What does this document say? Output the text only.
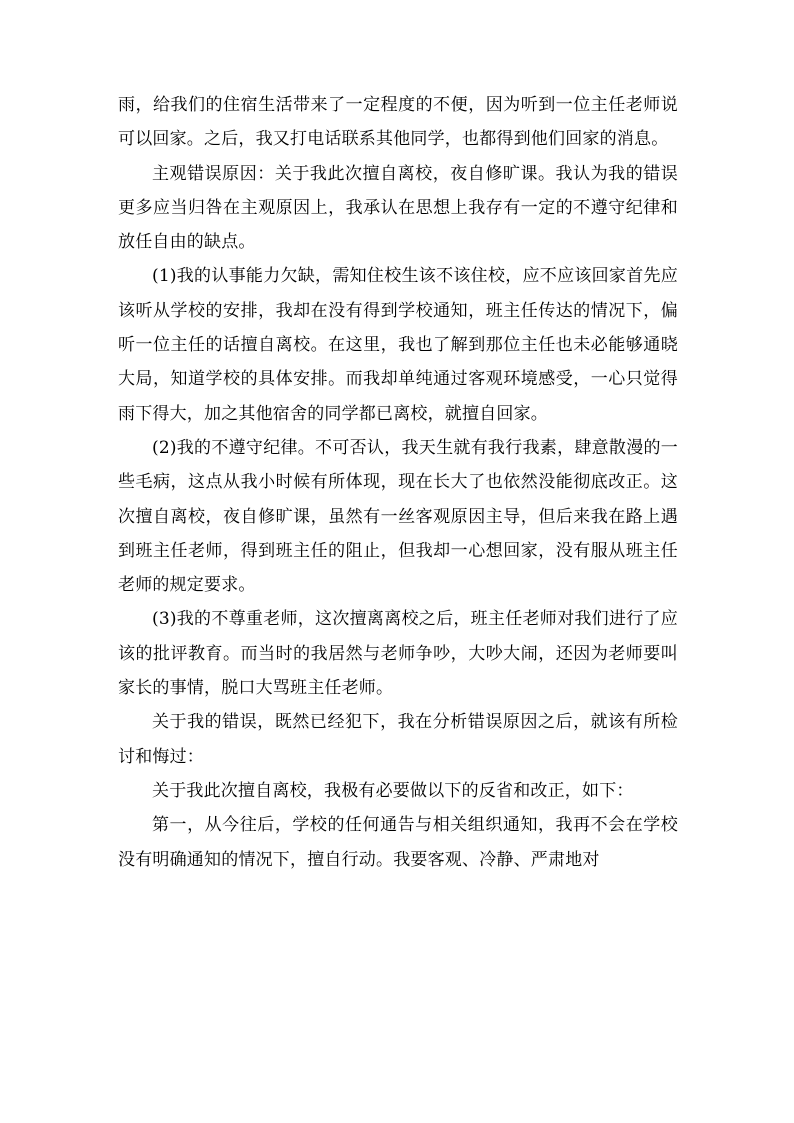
雨，给我们的住宿生活带来了一定程度的不便，因为听到一位主任老师说可以回家。之后，我又打电话联系其他同学，也都得到他们回家的消息。

主观错误原因：关于我此次擅自离校，夜自修旷课。我认为我的错误更多应当归咎在主观原因上，我承认在思想上我存有一定的不遵守纪律和放任自由的缺点。

(1)我的认事能力欠缺，需知住校生该不该住校，应不应该回家首先应该听从学校的安排，我却在没有得到学校通知，班主任传达的情况下，偏听一位主任的话擅自离校。在这里，我也了解到那位主任也未必能够通晓大局，知道学校的具体安排。而我却单纯通过客观环境感受，一心只觉得雨下得大，加之其他宿舍的同学都已离校，就擅自回家。

(2)我的不遵守纪律。不可否认，我天生就有我行我素，肆意散漫的一些毛病，这点从我小时候有所体现，现在长大了也依然没能彻底改正。这次擅自离校，夜自修旷课，虽然有一丝客观原因主导，但后来我在路上遇到班主任老师，得到班主任的阻止，但我却一心想回家，没有服从班主任老师的规定要求。

(3)我的不尊重老师，这次擅离离校之后，班主任老师对我们进行了应该的批评教育。而当时的我居然与老师争吵，大吵大闹，还因为老师要叫家长的事情，脱口大骂班主任老师。

关于我的错误，既然已经犯下，我在分析错误原因之后，就该有所检讨和悔过：

关于我此次擅自离校，我极有必要做以下的反省和改正，如下：

第一，从今往后，学校的任何通告与相关组织通知，我再不会在学校没有明确通知的情况下，擅自行动。我要客观、冷静、严肃地对
